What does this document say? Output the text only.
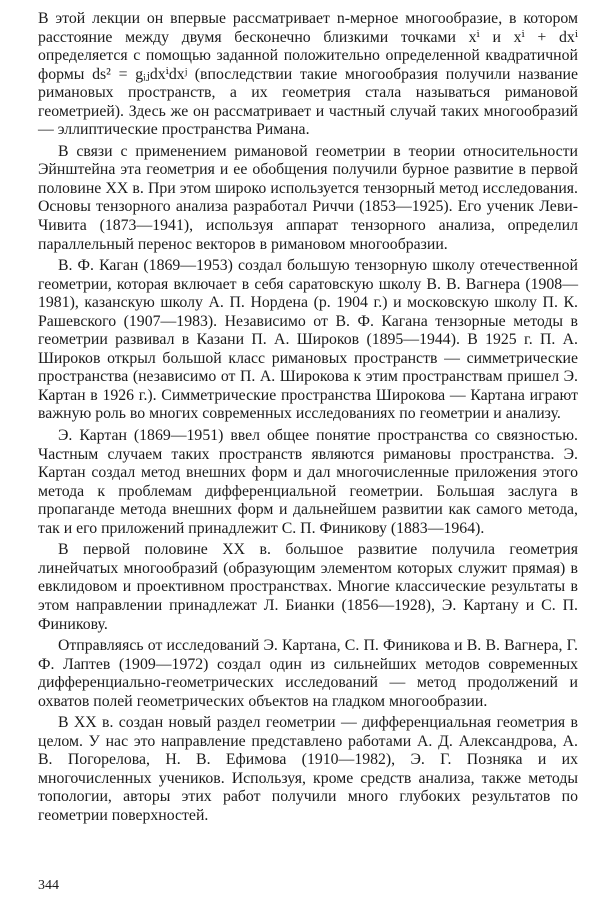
В этой лекции он впервые рассматривает n-мерное многообразие, в котором расстояние между двумя бесконечно близкими точками xⁱ и xⁱ + dxⁱ определяется с помощью заданной положительно определенной квадратичной формы ds² = gᵢⱼdxⁱdxʲ (впоследствии такие многообразия получили название римановых пространств, а их геометрия стала называться римановой геометрией). Здесь же он рассматривает и частный случай таких многообразий — эллиптические пространства Римана.

В связи с применением римановой геометрии в теории относительности Эйнштейна эта геометрия и ее обобщения получили бурное развитие в первой половине XX в. При этом широко используется тензорный метод исследования. Основы тензорного анализа разработал Риччи (1853—1925). Его ученик Леви-Чивита (1873—1941), используя аппарат тензорного анализа, определил параллельный перенос векторов в римановом многообразии.

В. Ф. Каган (1869—1953) создал большую тензорную школу отечественной геометрии, которая включает в себя саратовскую школу В. В. Вагнера (1908—1981), казанскую школу А. П. Нордена (р. 1904 г.) и московскую школу П. К. Рашевского (1907—1983). Независимо от В. Ф. Кагана тензорные методы в геометрии развивал в Казани П. А. Широков (1895—1944). В 1925 г. П. А. Широков открыл большой класс римановых пространств — симметрические пространства (независимо от П. А. Широкова к этим пространствам пришел Э. Картан в 1926 г.). Симметрические пространства Широкова — Картана играют важную роль во многих современных исследованиях по геометрии и анализу.

Э. Картан (1869—1951) ввел общее понятие пространства со связностью. Частным случаем таких пространств являются римановы пространства. Э. Картан создал метод внешних форм и дал многочисленные приложения этого метода к проблемам дифференциальной геометрии. Большая заслуга в пропаганде метода внешних форм и дальнейшем развитии как самого метода, так и его приложений принадлежит С. П. Финикову (1883—1964).

В первой половине XX в. большое развитие получила геометрия линейчатых многообразий (образующим элементом которых служит прямая) в евклидовом и проективном пространствах. Многие классические результаты в этом направлении принадлежат Л. Бианки (1856—1928), Э. Картану и С. П. Финикову.

Отправляясь от исследований Э. Картана, С. П. Финикова и В. В. Вагнера, Г. Ф. Лаптев (1909—1972) создал один из сильнейших методов современных дифференциально-геометрических исследований — метод продолжений и охватов полей геометрических объектов на гладком многообразии.

В XX в. создан новый раздел геометрии — дифференциальная геометрия в целом. У нас это направление представлено работами А. Д. Александрова, А. В. Погорелова, Н. В. Ефимова (1910—1982), Э. Г. Позняка и их многочисленных учеников. Используя, кроме средств анализа, также методы топологии, авторы этих работ получили много глубоких результатов по геометрии поверхностей.

344
